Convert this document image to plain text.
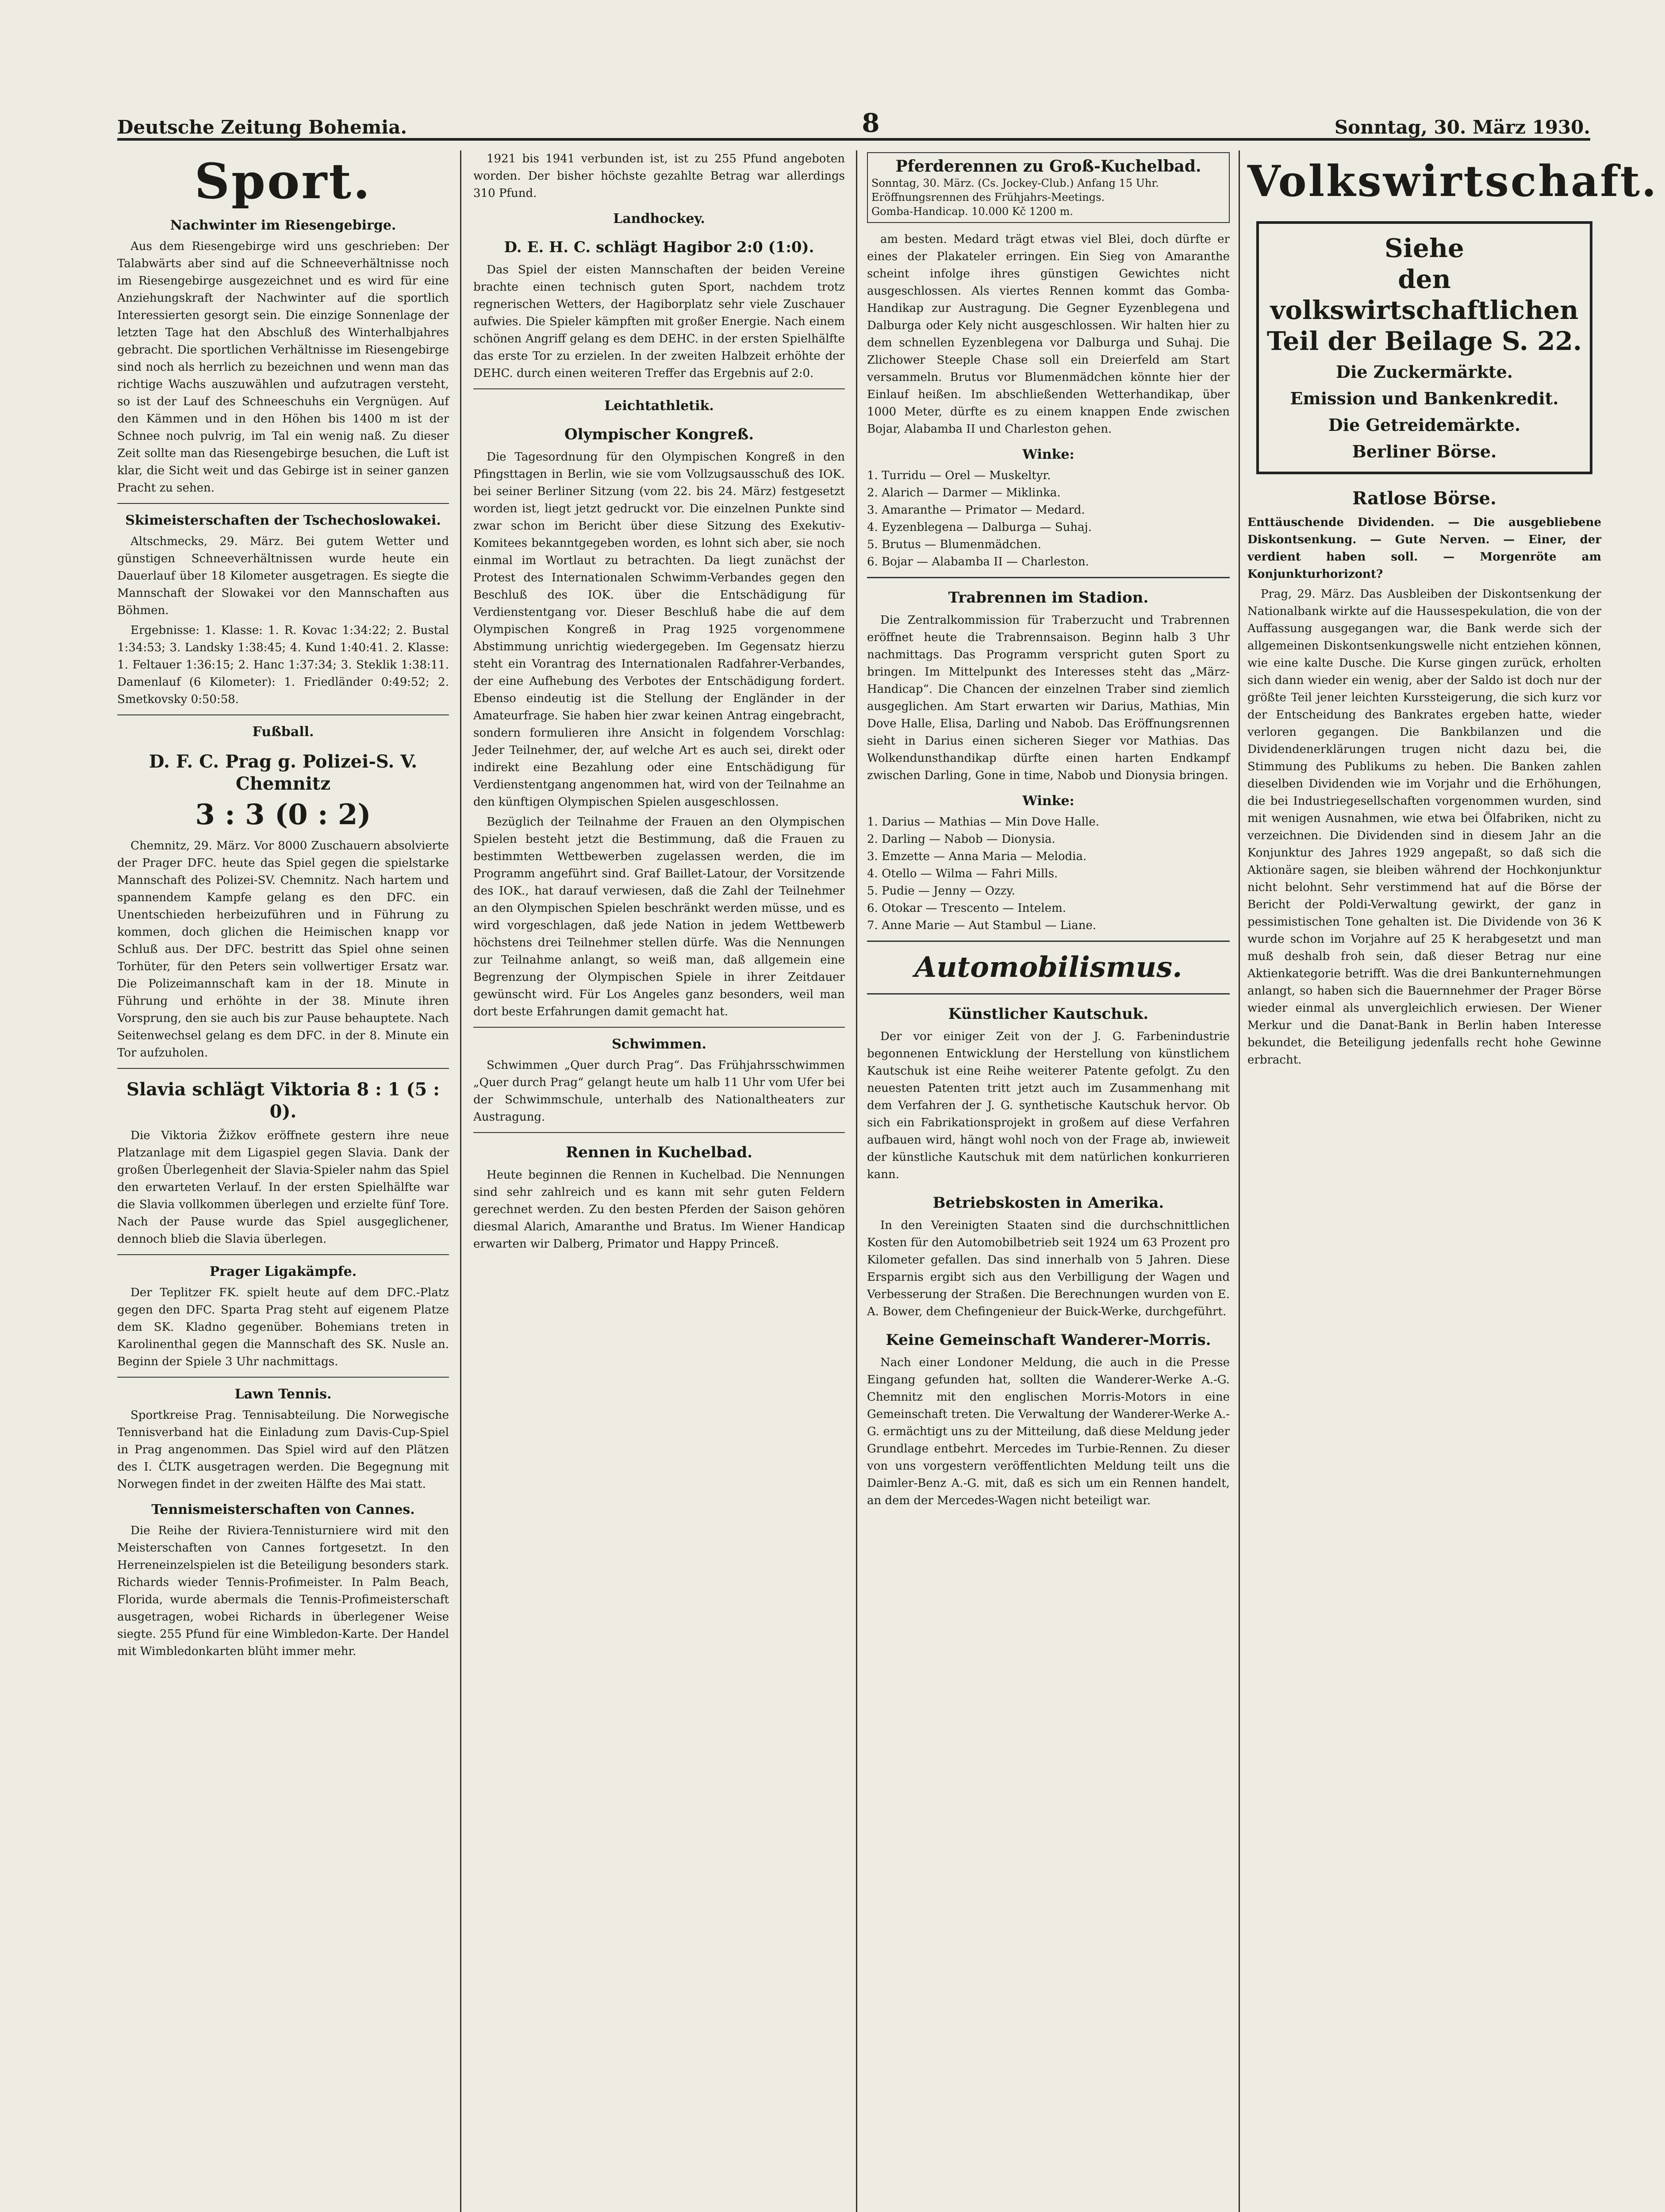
Deutsche Zeitung Bohemia.	8	Sonntag, 30. März 1930.
Sport.
Nachwinter im Riesengebirge.

Aus dem Riesengebirge wird uns geschrieben: Der Talabwärts aber sind auf die Schneeverhältnisse noch im Riesengebirge ausgezeichnet und es wird für eine Anziehungskraft der Nachwinter auf die sportlich Interessierten gesorgt sein. Die einzige Sonnenlage der letzten Tage hat den Abschluß des Winterhalbjahres gebracht. Die sportlichen Verhältnisse im Riesengebirge sind noch als herrlich zu bezeichnen und wenn man das richtige Wachs auszuwählen und aufzutragen versteht, so ist der Lauf des Schneeschuhs ein Vergnügen. Auf den Kämmen und in den Höhen bis 1400 m ist der Schnee noch pulvrig, im Tal ein wenig naß. Zu dieser Zeit sollte man das Riesengebirge besuchen, die Luft ist klar, die Sicht weit und das Gebirge ist in seiner ganzen Pracht zu sehen.

Skimeisterschaften der Tschechoslowakei.

Altschmecks, 29. März. Bei gutem Wetter und günstigen Schneeverhältnissen wurde heute ein Dauerlauf über 18 Kilometer ausgetragen. Es siegte die Mannschaft der Slowakei vor den Mannschaften aus Böhmen.

Ergebnisse: 1. Klasse: 1. R. Kovac 1:34:22; 2. Bustal 1:34:53; 3. Landsky 1:38:45; 4. Kund 1:40:41. 2. Klasse: 1. Feltauer 1:36:15; 2. Hanc 1:37:34; 3. Steklik 1:38:11. Damenlauf (6 Kilometer): 1. Friedländer 0:49:52; 2. Smetkovsky 0:50:58.

Fußball.
D. F. C. Prag g. Polizei-S. V. Chemnitz
3 : 3 (0 : 2)

Chemnitz, 29. März. Vor 8000 Zuschauern absolvierte der Prager DFC. heute das Spiel gegen die spielstarke Mannschaft des Polizei-SV. Chemnitz. Nach hartem und spannendem Kampfe gelang es den DFC. ein Unentschieden herbeizuführen und in Führung zu kommen, doch glichen die Heimischen knapp vor Schluß aus. Der DFC. bestritt das Spiel ohne seinen Torhüter, für den Peters sein vollwertiger Ersatz war. Die Polizeimannschaft kam in der 18. Minute in Führung und erhöhte in der 38. Minute ihren Vorsprung, den sie auch bis zur Pause behauptete. Nach Seitenwechsel gelang es dem DFC. in der 8. Minute ein Tor aufzuholen.

Slavia schlägt Viktoria 8 : 1 (5 : 0).

Die Viktoria Žižkov eröffnete gestern ihre neue Platzanlage mit dem Ligaspiel gegen Slavia. Dank der großen Überlegenheit der Slavia-Spieler nahm das Spiel den erwarteten Verlauf. In der ersten Spielhälfte war die Slavia vollkommen überlegen und erzielte fünf Tore. Nach der Pause wurde das Spiel ausgeglichener, dennoch blieb die Slavia überlegen.

Prager Ligakämpfe.

Der Teplitzer FK. spielt heute auf dem DFC.-Platz gegen den DFC. Sparta Prag steht auf eigenem Platze dem SK. Kladno gegenüber. Bohemians treten in Karolinenthal gegen die Mannschaft des SK. Nusle an. Beginn der Spiele 3 Uhr nachmittags.

Lawn Tennis.

Sportkreise Prag. Tennisabteilung. Die Norwegische Tennisverband hat die Einladung zum Davis-Cup-Spiel in Prag angenommen. Das Spiel wird auf den Plätzen des I. ČLTK ausgetragen werden. Die Begegnung mit Norwegen findet in der zweiten Hälfte des Mai statt.

Tennismeisterschaften von Cannes.

Die Reihe der Riviera-Tennisturniere wird mit den Meisterschaften von Cannes fortgesetzt. In den Herreneinzelspielen ist die Beteiligung besonders stark. Richards wieder Tennis-Profimeister. In Palm Beach, Florida, wurde abermals die Tennis-Profimeisterschaft ausgetragen, wobei Richards in überlegener Weise siegte. 255 Pfund für eine Wimbledon-Karte. Der Handel mit Wimbledonkarten blüht immer mehr.

1921 bis 1941 verbunden ist, ist zu 255 Pfund angeboten worden. Der bisher höchste gezahlte Betrag war allerdings 310 Pfund.

Landhockey.
D. E. H. C. schlägt Hagibor 2:0 (1:0).

Das Spiel der eisten Mannschaften der beiden Vereine brachte einen technisch guten Sport, nachdem trotz regnerischen Wetters, der Hagiborplatz sehr viele Zuschauer aufwies. Die Spieler kämpften mit großer Energie. Nach einem schönen Angriff gelang es dem DEHC. in der ersten Spielhälfte das erste Tor zu erzielen. In der zweiten Halbzeit erhöhte der DEHC. durch einen weiteren Treffer das Ergebnis auf 2:0.

Leichtathletik.
Olympischer Kongreß.

Die Tagesordnung für den Olympischen Kongreß in den Pfingsttagen in Berlin, wie sie vom Vollzugsausschuß des IOK. bei seiner Berliner Sitzung (vom 22. bis 24. März) festgesetzt worden ist, liegt jetzt gedruckt vor. Die einzelnen Punkte sind zwar schon im Bericht über diese Sitzung des Exekutiv-Komitees bekanntgegeben worden, es lohnt sich aber, sie noch einmal im Wortlaut zu betrachten. Da liegt zunächst der Protest des Internationalen Schwimm-Verbandes gegen den Beschluß des IOK. über die Entschädigung für Verdienstentgang vor. Dieser Beschluß habe die auf dem Olympischen Kongreß in Prag 1925 vorgenommene Abstimmung unrichtig wiedergegeben. Im Gegensatz hierzu steht ein Vorantrag des Internationalen Radfahrer-Verbandes, der eine Aufhebung des Verbotes der Entschädigung fordert. Ebenso eindeutig ist die Stellung der Engländer in der Amateurfrage. Sie haben hier zwar keinen Antrag eingebracht, sondern formulieren ihre Ansicht in folgendem Vorschlag: Jeder Teilnehmer, der, auf welche Art es auch sei, direkt oder indirekt eine Bezahlung oder eine Entschädigung für Verdienstentgang angenommen hat, wird von der Teilnahme an den künftigen Olympischen Spielen ausgeschlossen.

Bezüglich der Teilnahme der Frauen an den Olympischen Spielen besteht jetzt die Bestimmung, daß die Frauen zu bestimmten Wettbewerben zugelassen werden, die im Programm angeführt sind. Graf Baillet-Latour, der Vorsitzende des IOK., hat darauf verwiesen, daß die Zahl der Teilnehmer an den Olympischen Spielen beschränkt werden müsse, und es wird vorgeschlagen, daß jede Nation in jedem Wettbewerb höchstens drei Teilnehmer stellen dürfe. Was die Nennungen zur Teilnahme anlangt, so weiß man, daß allgemein eine Begrenzung der Olympischen Spiele in ihrer Zeitdauer gewünscht wird. Für Los Angeles ganz besonders, weil man dort beste Erfahrungen damit gemacht hat.

Schwimmen.

Schwimmen „Quer durch Prag“. Das Frühjahrsschwimmen „Quer durch Prag“ gelangt heute um halb 11 Uhr vom Ufer bei der Schwimmschule, unterhalb des Nationaltheaters zur Austragung.

Rennen in Kuchelbad.

Heute beginnen die Rennen in Kuchelbad. Die Nennungen sind sehr zahlreich und es kann mit sehr guten Feldern gerechnet werden. Zu den besten Pferden der Saison gehören diesmal Alarich, Amaranthe und Bratus. Im Wiener Handicap erwarten wir Dalberg, Primator und Happy Princeß.

Pferderennen zu Groß-Kuchelbad.
Sonntag, 30. März. (Cs. Jockey-Club.) Anfang 15 Uhr.
Eröffnungsrennen des Frühjahrs-Meetings.
Gomba-Handicap. 10.000 Kč 1200 m.

am besten. Medard trägt etwas viel Blei, doch dürfte er eines der Plakateler erringen. Ein Sieg von Amaranthe scheint infolge ihres günstigen Gewichtes nicht ausgeschlossen. Als viertes Rennen kommt das Gomba-Handikap zur Austragung. Die Gegner Eyzenblegena und Dalburga oder Kely nicht ausgeschlossen. Wir halten hier zu dem schnellen Eyzenblegena vor Dalburga und Suhaj. Die Zlichower Steeple Chase soll ein Dreierfeld am Start versammeln. Brutus vor Blumenmädchen könnte hier der Einlauf heißen. Im abschließenden Wetterhandikap, über 1000 Meter, dürfte es zu einem knappen Ende zwischen Bojar, Alabamba II und Charleston gehen.

Winke:

1. Turridu — Orel — Muskeltyr.
2. Alarich — Darmer — Miklinka.
3. Amaranthe — Primator — Medard.
4. Eyzenblegena — Dalburga — Suhaj.
5. Brutus — Blumenmädchen.
6. Bojar — Alabamba II — Charleston.

Trabrennen im Stadion.

Die Zentralkommission für Traberzucht und Trabrennen eröffnet heute die Trabrennsaison. Beginn halb 3 Uhr nachmittags. Das Programm verspricht guten Sport zu bringen. Im Mittelpunkt des Interesses steht das „März-Handicap“. Die Chancen der einzelnen Traber sind ziemlich ausgeglichen. Am Start erwarten wir Darius, Mathias, Min Dove Halle, Elisa, Darling und Nabob. Das Eröffnungsrennen sieht in Darius einen sicheren Sieger vor Mathias. Das Wolkendunsthandikap dürfte einen harten Endkampf zwischen Darling, Gone in time, Nabob und Dionysia bringen.

Winke:

1. Darius — Mathias — Min Dove Halle.
2. Darling — Nabob — Dionysia.
3. Emzette — Anna Maria — Melodia.
4. Otello — Wilma — Fahri Mills.
5. Pudie — Jenny — Ozzy.
6. Otokar — Trescento — Intelem.
7. Anne Marie — Aut Stambul — Liane.

Automobilismus.
Künstlicher Kautschuk.

Der vor einiger Zeit von der J. G. Farbenindustrie begonnenen Entwicklung der Herstellung von künstlichem Kautschuk ist eine Reihe weiterer Patente gefolgt. Zu den neuesten Patenten tritt jetzt auch im Zusammenhang mit dem Verfahren der J. G. synthetische Kautschuk hervor. Ob sich ein Fabrikationsprojekt in großem auf diese Verfahren aufbauen wird, hängt wohl noch von der Frage ab, inwieweit der künstliche Kautschuk mit dem natürlichen konkurrieren kann.

Betriebskosten in Amerika.

In den Vereinigten Staaten sind die durchschnittlichen Kosten für den Automobilbetrieb seit 1924 um 63 Prozent pro Kilometer gefallen. Das sind innerhalb von 5 Jahren. Diese Ersparnis ergibt sich aus den Verbilligung der Wagen und Verbesserung der Straßen. Die Berechnungen wurden von E. A. Bower, dem Chefingenieur der Buick-Werke, durchgeführt.

Keine Gemeinschaft Wanderer-Morris.

Nach einer Londoner Meldung, die auch in die Presse Eingang gefunden hat, sollten die Wanderer-Werke A.-G. Chemnitz mit den englischen Morris-Motors in eine Gemeinschaft treten. Die Verwaltung der Wanderer-Werke A.-G. ermächtigt uns zu der Mitteilung, daß diese Meldung jeder Grundlage entbehrt. Mercedes im Turbie-Rennen. Zu dieser von uns vorgestern veröffentlichten Meldung teilt uns die Daimler-Benz A.-G. mit, daß es sich um ein Rennen handelt, an dem der Mercedes-Wagen nicht beteiligt war.

Volkswirtschaft.
Siehe
den volkswirtschaftlichen Teil der Beilage S. 22.
Die Zuckermärkte.
Emission und Bankenkredit.
Die Getreidemärkte.
Berliner Börse.
Ratlose Börse.

Enttäuschende Dividenden. — Die ausgebliebene Diskontsenkung. — Gute Nerven. — Einer, der verdient haben soll. — Morgenröte am Konjunkturhorizont?

Prag, 29. März. Das Ausbleiben der Diskontsenkung der Nationalbank wirkte auf die Haussespekulation, die von der Auffassung ausgegangen war, die Bank werde sich der allgemeinen Diskontsenkungswelle nicht entziehen können, wie eine kalte Dusche. Die Kurse gingen zurück, erholten sich dann wieder ein wenig, aber der Saldo ist doch nur der größte Teil jener leichten Kurssteigerung, die sich kurz vor der Entscheidung des Bankrates ergeben hatte, wieder verloren gegangen. Die Bankbilanzen und die Dividendenerklärungen trugen nicht dazu bei, die Stimmung des Publikums zu heben. Die Banken zahlen dieselben Dividenden wie im Vorjahr und die Erhöhungen, die bei Industriegesellschaften vorgenommen wurden, sind mit wenigen Ausnahmen, wie etwa bei Ölfabriken, nicht zu verzeichnen. Die Dividenden sind in diesem Jahr an die Konjunktur des Jahres 1929 angepaßt, so daß sich die Aktionäre sagen, sie bleiben während der Hochkonjunktur nicht belohnt. Sehr verstimmend hat auf die Börse der Bericht der Poldi-Verwaltung gewirkt, der ganz in pessimistischen Tone gehalten ist. Die Dividende von 36 K wurde schon im Vorjahre auf 25 K herabgesetzt und man muß deshalb froh sein, daß dieser Betrag nur eine Aktienkategorie betrifft. Was die drei Bankunternehmungen anlangt, so haben sich die Bauernnehmer der Prager Börse wieder einmal als unvergleichlich erwiesen. Der Wiener Merkur und die Danat-Bank in Berlin haben Interesse bekundet, die Beteiligung jedenfalls recht hohe Gewinne erbracht.
